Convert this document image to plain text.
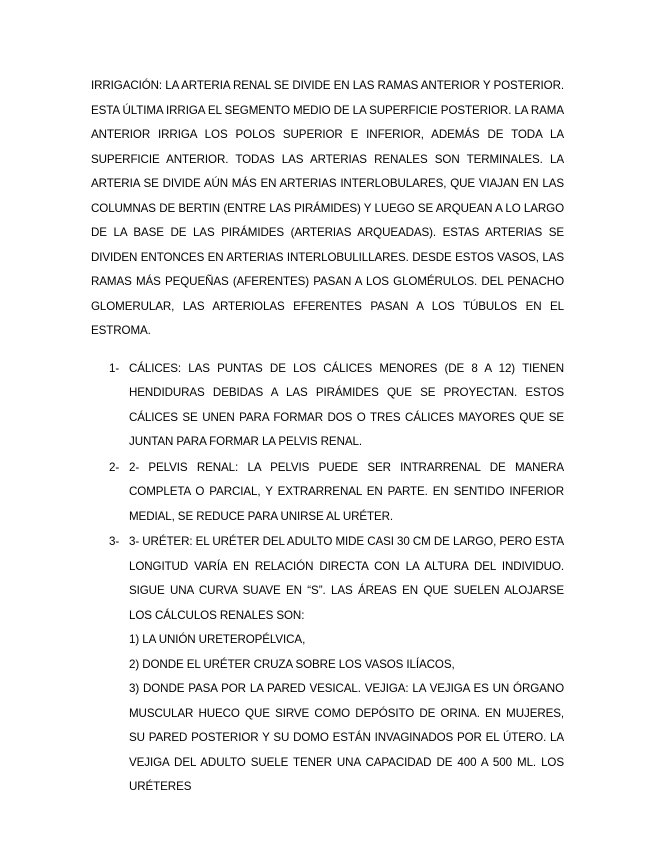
IRRIGACIÓN: LA ARTERIA RENAL SE DIVIDE EN LAS RAMAS ANTERIOR Y POSTERIOR. ESTA ÚLTIMA IRRIGA EL SEGMENTO MEDIO DE LA SUPERFICIE POSTERIOR. LA RAMA ANTERIOR IRRIGA LOS POLOS SUPERIOR E INFERIOR, ADEMÁS DE TODA LA SUPERFICIE ANTERIOR. TODAS LAS ARTERIAS RENALES SON TERMINALES. LA ARTERIA SE DIVIDE AÚN MÁS EN ARTERIAS INTERLOBULARES, QUE VIAJAN EN LAS COLUMNAS DE BERTIN (ENTRE LAS PIRÁMIDES) Y LUEGO SE ARQUEAN A LO LARGO DE LA BASE DE LAS PIRÁMIDES (ARTERIAS ARQUEADAS). ESTAS ARTERIAS SE DIVIDEN ENTONCES EN ARTERIAS INTERLOBULILLARES. DESDE ESTOS VASOS, LAS RAMAS MÁS PEQUEÑAS (AFERENTES) PASAN A LOS GLOMÉRULOS. DEL PENACHO GLOMERULAR, LAS ARTERIOLAS EFERENTES PASAN A LOS TÚBULOS EN EL ESTROMA.

1- CÁLICES: LAS PUNTAS DE LOS CÁLICES MENORES (DE 8 A 12) TIENEN HENDIDURAS DEBIDAS A LAS PIRÁMIDES QUE SE PROYECTAN. ESTOS CÁLICES SE UNEN PARA FORMAR DOS O TRES CÁLICES MAYORES QUE SE JUNTAN PARA FORMAR LA PELVIS RENAL.
2- 2- PELVIS RENAL: LA PELVIS PUEDE SER INTRARRENAL DE MANERA COMPLETA O PARCIAL, Y EXTRARRENAL EN PARTE. EN SENTIDO INFERIOR MEDIAL, SE REDUCE PARA UNIRSE AL URÉTER.
3- 3- URÉTER: EL URÉTER DEL ADULTO MIDE CASI 30 CM DE LARGO, PERO ESTA LONGITUD VARÍA EN RELACIÓN DIRECTA CON LA ALTURA DEL INDIVIDUO. SIGUE UNA CURVA SUAVE EN “S”. LAS ÁREAS EN QUE SUELEN ALOJARSE LOS CÁLCULOS RENALES SON:
1) LA UNIÓN URETEROPÉLVICA,
2) DONDE EL URÉTER CRUZA SOBRE LOS VASOS ILÍACOS,
3) DONDE PASA POR LA PARED VESICAL. VEJIGA: LA VEJIGA ES UN ÓRGANO MUSCULAR HUECO QUE SIRVE COMO DEPÓSITO DE ORINA. EN MUJERES, SU PARED POSTERIOR Y SU DOMO ESTÁN INVAGINADOS POR EL ÚTERO. LA VEJIGA DEL ADULTO SUELE TENER UNA CAPACIDAD DE 400 A 500 ML. LOS URÉTERES
